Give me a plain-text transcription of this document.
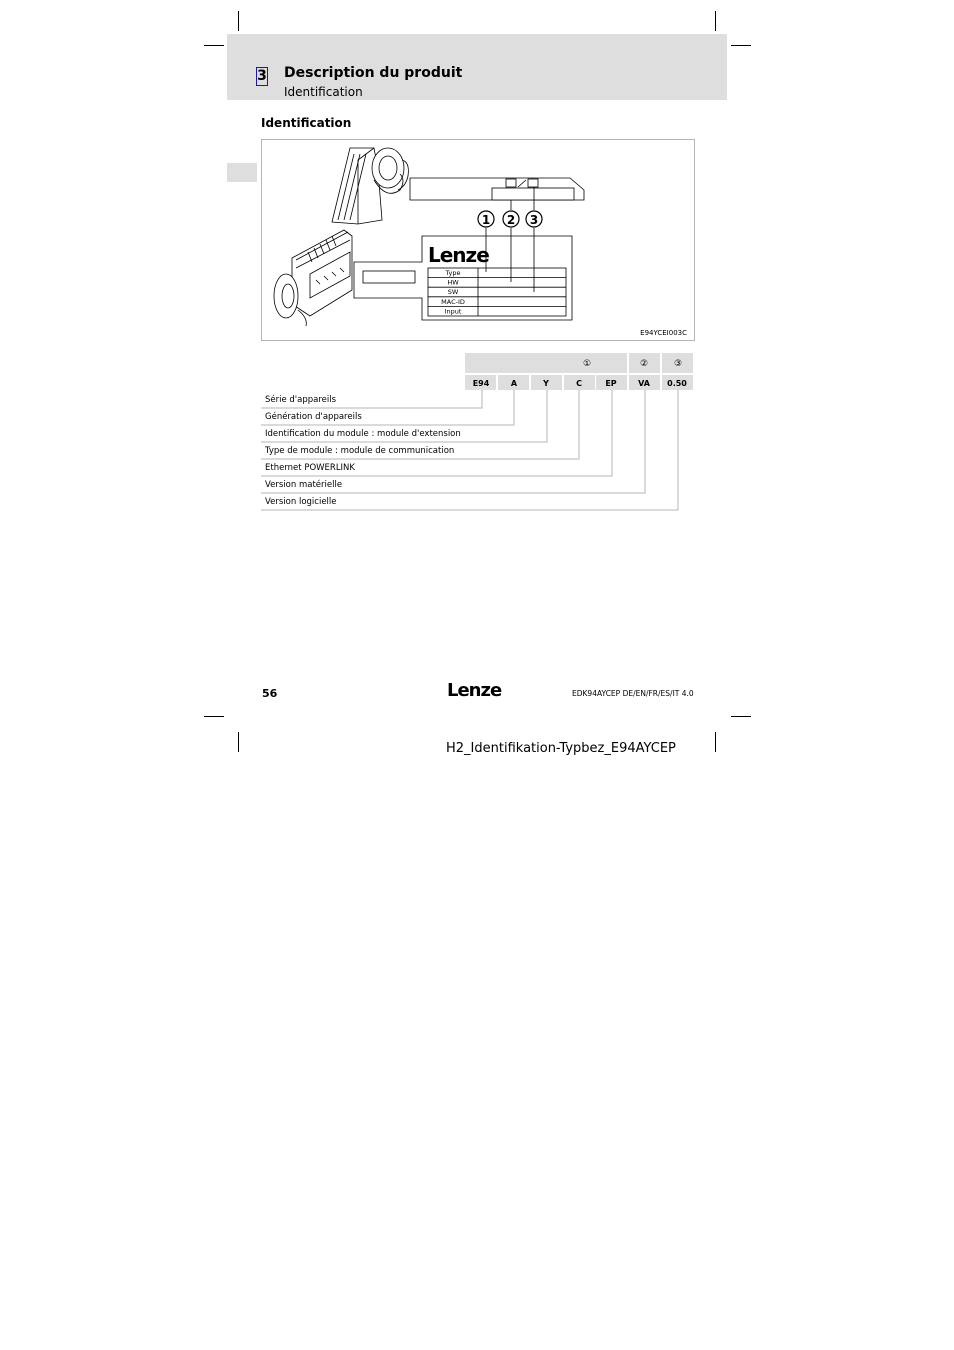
3 Description du produit
Identification
Identification
Lenze
1 2 3
Type
HW
SW
MAC-ID
Input
E94YCEI003C
①	②	③
E94	A	Y	C	EP	VA 0.50
Série d'appareils
Génération d'appareils
Identification du module : module d'extension
Type de module : module de communication
Ethernet POWERLINK
Version matérielle
Version logicielle
56	Lenze	EDK94AYCEP DE/EN/FR/ES/IT 4.0
H2_Identifikation-Typbez_E94AYCEP
